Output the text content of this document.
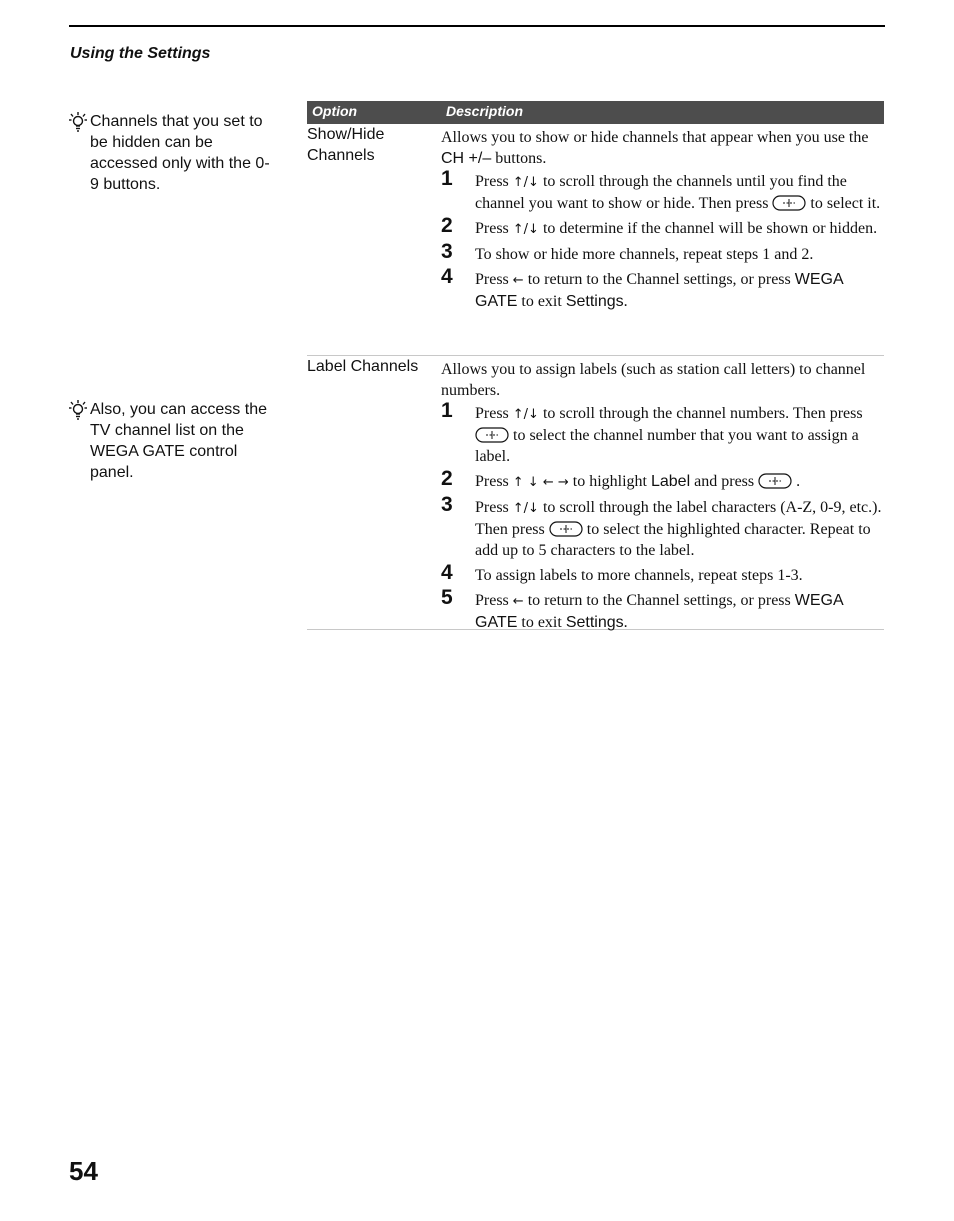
Using the Settings
Channels that you set to be hidden can be accessed only with the 0-9 buttons.
Also, you can access the TV channel list on the WEGA GATE control panel.
Option	Description
Show/Hide Channels

Allows you to show or hide channels that appear when you use the CH +/– buttons.

1 Press ↑/↓ to scroll through the channels until you find the channel you want to show or hide. Then press  to select it.
2 Press ↑/↓ to determine if the channel will be shown or hidden.
3 To show or hide more channels, repeat steps 1 and 2.
4 Press ← to return to the Channel settings, or press WEGA GATE to exit Settings.
Label Channels	Allows you to assign labels (such as station call letters) to channel numbers.

1 Press ↑/↓ to scroll through the channel numbers. Then press  to select the channel number that you want to assign a label.
2 Press ↑ ↓ ← → to highlight Label and press  .
3 Press ↑/↓ to scroll through the label characters (A-Z, 0-9, etc.). Then press  to select the highlighted character. Repeat to add up to 5 characters to the label.
4 To assign labels to more channels, repeat steps 1-3.
5 Press ← to return to the Channel settings, or press WEGA GATE to exit Settings.
54
